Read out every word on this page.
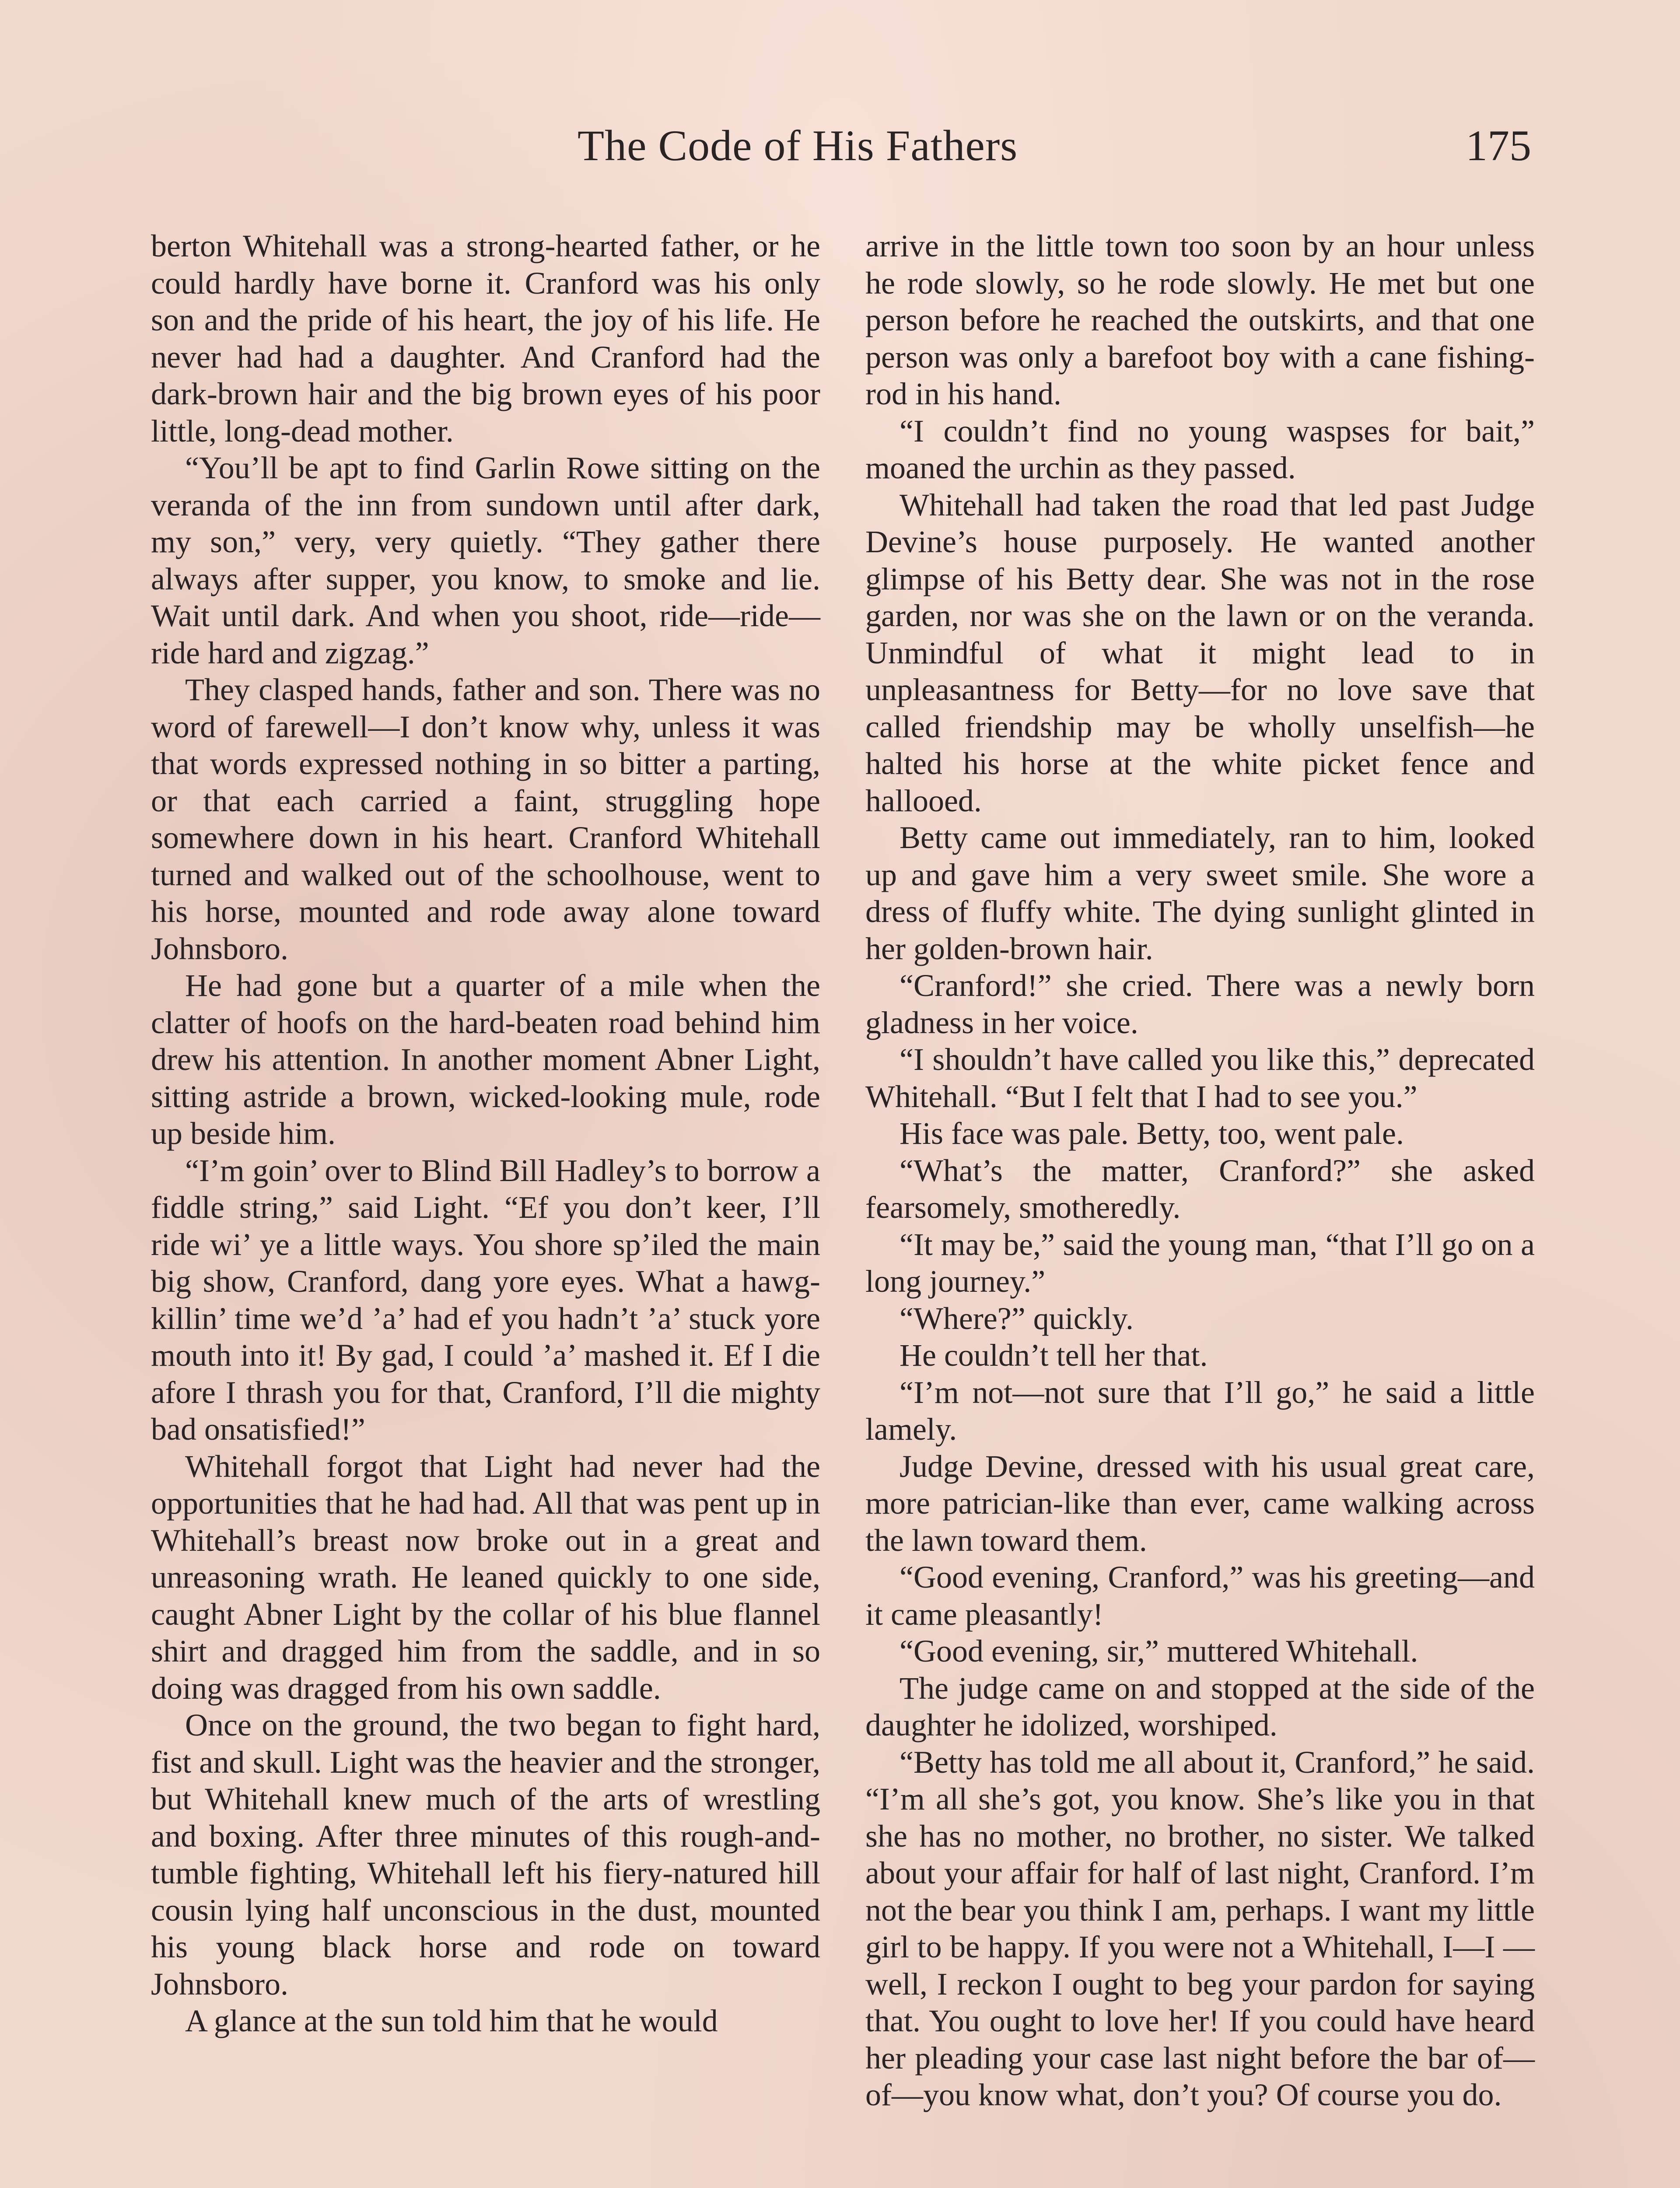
The Code of His Fathers	175

berton Whitehall was a strong-hearted father, or he could hardly have borne it. Cranford was his only son and the pride of his heart, the joy of his life. He never had had a daughter. And Cranford had the dark-brown hair and the big brown eyes of his poor little, long-dead mother.

“You’ll be apt to find Garlin Rowe sitting on the veranda of the inn from sundown until after dark, my son,” very, very quietly. “They gather there always after supper, you know, to smoke and lie. Wait until dark. And when you shoot, ride—ride—ride hard and zigzag.”

They clasped hands, father and son. There was no word of farewell—I don’t know why, unless it was that words expressed nothing in so bitter a parting, or that each carried a faint, struggling hope somewhere down in his heart. Cranford Whitehall turned and walked out of the schoolhouse, went to his horse, mounted and rode away alone toward Johnsboro.

He had gone but a quarter of a mile when the clatter of hoofs on the hard-beaten road behind him drew his attention. In another moment Abner Light, sitting astride a brown, wicked-looking mule, rode up beside him.

“I’m goin’ over to Blind Bill Hadley’s to borrow a fiddle string,” said Light. “Ef you don’t keer, I’ll ride wi’ ye a little ways. You shore sp’iled the main big show, Cranford, dang yore eyes. What a hawg-killin’ time we’d ’a’ had ef you hadn’t ’a’ stuck yore mouth into it! By gad, I could ’a’ mashed it. Ef I die afore I thrash you for that, Cranford, I’ll die mighty bad onsatisfied!”

Whitehall forgot that Light had never had the opportunities that he had had. All that was pent up in Whitehall’s breast now broke out in a great and unreasoning wrath. He leaned quickly to one side, caught Abner Light by the collar of his blue flannel shirt and dragged him from the saddle, and in so doing was dragged from his own saddle.

Once on the ground, the two began to fight hard, fist and skull. Light was the heavier and the stronger, but Whitehall knew much of the arts of wrestling and boxing. After three minutes of this rough-and-tumble fighting, Whitehall left his fiery-natured hill cousin lying half unconscious in the dust, mounted his young black horse and rode on toward Johnsboro.

A glance at the sun told him that he would

arrive in the little town too soon by an hour unless he rode slowly, so he rode slowly. He met but one person before he reached the outskirts, and that one person was only a barefoot boy with a cane fishing-rod in his hand.

“I couldn’t find no young waspses for bait,” moaned the urchin as they passed.

Whitehall had taken the road that led past Judge Devine’s house purposely. He wanted another glimpse of his Betty dear. She was not in the rose garden, nor was she on the lawn or on the veranda. Unmindful of what it might lead to in unpleasantness for Betty—for no love save that called friendship may be wholly unselfish—he halted his horse at the white picket fence and hallooed.

Betty came out immediately, ran to him, looked up and gave him a very sweet smile. She wore a dress of fluffy white. The dying sunlight glinted in her golden-brown hair.

“Cranford!” she cried. There was a newly born gladness in her voice.

“I shouldn’t have called you like this,” deprecated Whitehall. “But I felt that I had to see you.”

His face was pale. Betty, too, went pale.

“What’s the matter, Cranford?” she asked fearsomely, smotheredly.

“It may be,” said the young man, “that I’ll go on a long journey.”

“Where?” quickly.

He couldn’t tell her that.

“I’m not—not sure that I’ll go,” he said a little lamely.

Judge Devine, dressed with his usual great care, more patrician-like than ever, came walking across the lawn toward them.

“Good evening, Cranford,” was his greeting—and it came pleasantly!

“Good evening, sir,” muttered Whitehall.

The judge came on and stopped at the side of the daughter he idolized, worshiped.

“Betty has told me all about it, Cranford,” he said. “I’m all she’s got, you know. She’s like you in that she has no mother, no brother, no sister. We talked about your affair for half of last night, Cranford. I’m not the bear you think I am, perhaps. I want my little girl to be happy. If you were not a Whitehall, I—I —well, I reckon I ought to beg your pardon for saying that. You ought to love her! If you could have heard her pleading your case last night before the bar of—of—you know what, don’t you? Of course you do.
